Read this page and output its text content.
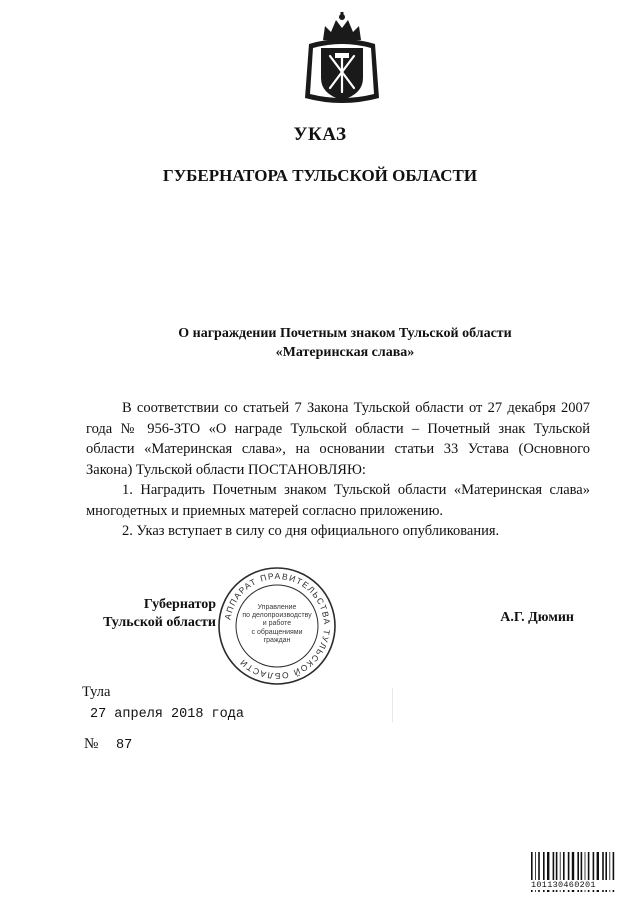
УКАЗ
ГУБЕРНАТОРА ТУЛЬСКОЙ ОБЛАСТИ
О награждении Почетным знаком Тульской области
«Материнская слава»

В соответствии со статьей 7 Закона Тульской области от 27 декабря 2007 года № 956-ЗТО «О награде Тульской области – Почетный знак Тульской области «Материнская слава», на основании статьи 33 Устава (Основного Закона) Тульской области ПОСТАНОВЛЯЮ:

1. Наградить Почетным знаком Тульской области «Материнская слава» многодетных и приемных матерей согласно приложению.

2. Указ вступает в силу со дня официального опубликования.

АППАРАТ ПРАВИТЕЛЬСТВА ТУЛЬСКОЙ ОБЛАСТИ
Управление
по делопроизводству
и работе
с обращениями
граждан
Губернатор
Тульской области	А.Г. Дюмин
Тула
27 апреля 2018 года
№ 87
101130460201
